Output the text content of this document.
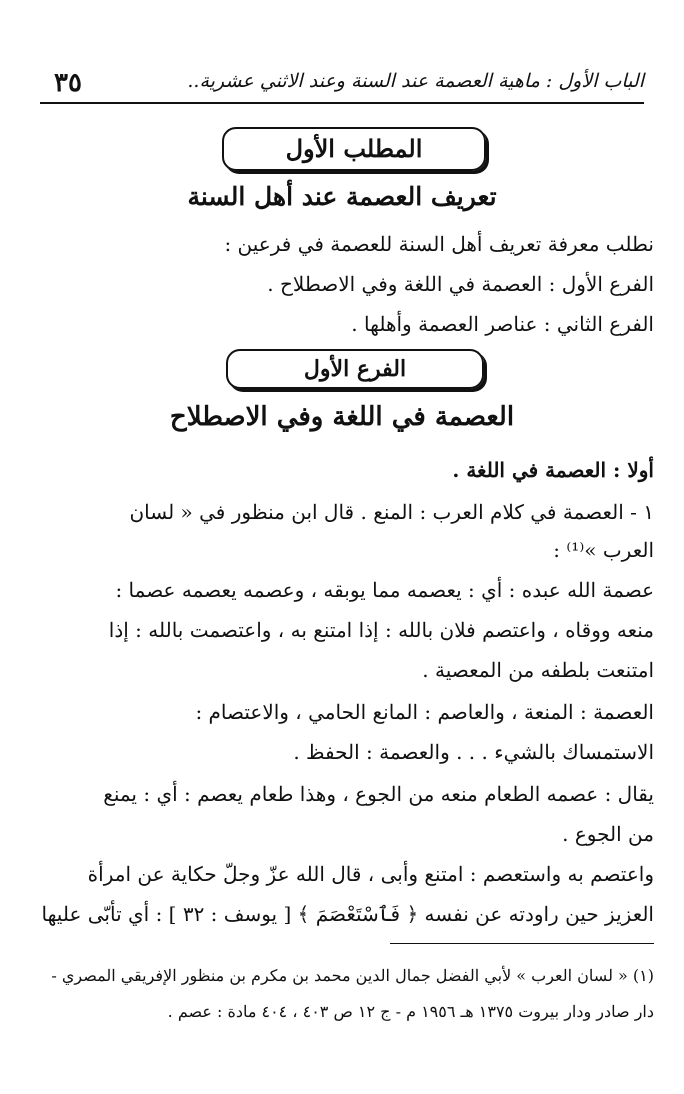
٣٥	الباب الأول : ماهية العصمة عند السنة وعند الاثني عشرية..
المطلب الأول
تعريف العصمة عند أهل السنة
نطلب معرفة تعريف أهل السنة للعصمة في فرعين :
الفرع الأول : العصمة في اللغة وفي الاصطلاح .
الفرع الثاني : عناصر العصمة وأهلها .
الفرع الأول
العصمة في اللغة وفي الاصطلاح
أولا : العصمة في اللغة .
١ - العصمة في كلام العرب : المنع . قال ابن منظور في « لسان
العرب »⁽¹⁾ :
عصمة الله عبده : أي : يعصمه مما يوبقه ، وعصمه يعصمه عصما :
منعه ووقاه ، واعتصم فلان بالله : إذا امتنع به ، واعتصمت بالله : إذا
امتنعت بلطفه من المعصية .
العصمة : المنعة ، والعاصم : المانع الحامي ، والاعتصام :
الاستمساك بالشيء . . . والعصمة : الحفظ .
يقال : عصمه الطعام منعه من الجوع ، وهذا طعام يعصم : أي : يمنع
من الجوع .
واعتصم به واستعصم : امتنع وأبى ، قال الله عزّ وجلّ حكاية عن امرأة
العزيز حين راودته عن نفسه ﴿ فَٱسْتَعْصَمَ ﴾ [ يوسف : ٣٢ ] : أي تأبّى عليها
(١) « لسان العرب » لأبي الفضل جمال الدين محمد بن مكرم بن منظور الإفريقي المصري -
دار صادر ودار بيروت ١٣٧٥ هـ ١٩٥٦ م - ج ١٢ ص ٤٠٣ ، ٤٠٤ مادة : عصم .
